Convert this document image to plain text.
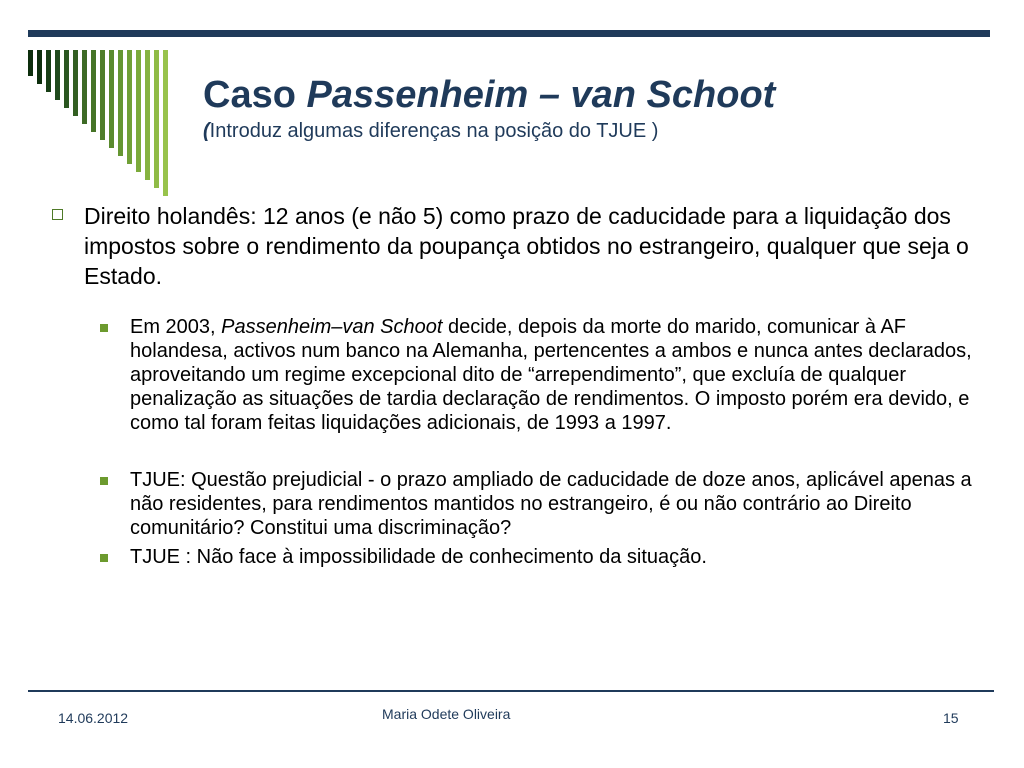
Caso Passenheim – van Schoot
(Introduz algumas diferenças na posição do TJUE )
Direito holandês: 12 anos (e não 5) como prazo de caducidade para a liquidação dos impostos sobre o rendimento da poupança obtidos no estrangeiro, qualquer que seja o Estado.
Em 2003, Passenheim–van Schoot decide, depois da morte do marido, comunicar à AF holandesa, activos num banco na Alemanha, pertencentes a ambos e nunca antes declarados, aproveitando um regime excepcional dito de “arrependimento”, que excluía de qualquer penalização as situações de tardia declaração de rendimentos. O imposto porém era devido, e como tal foram feitas liquidações adicionais, de 1993 a 1997.
TJUE: Questão prejudicial - o prazo ampliado de caducidade de doze anos, aplicável apenas a não residentes, para rendimentos mantidos no estrangeiro, é ou não contrário ao Direito comunitário? Constitui uma discriminação?
TJUE : Não face à impossibilidade de conhecimento da situação.
14.06.2012	Maria Odete Oliveira	15
